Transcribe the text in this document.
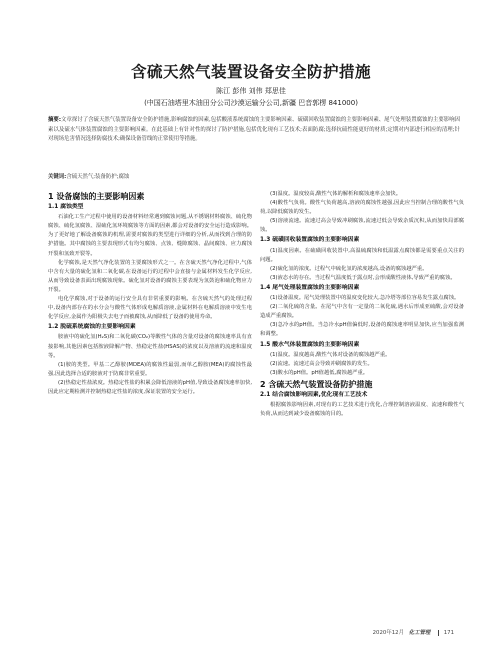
含硫天然气装置设备安全防护措施
陈江 彭伟 刘伟 郑思佳
(中国石油塔里木油田分公司沙漠运输分公司,新疆 巴音郭楞 841000)
摘要:文章探讨了含硫天然气装置设备安全防护措施,影响腐蚀的因素,包括酸液系统腐蚀的主要影响因素、硫磺回收装置腐蚀的主要影响因素、尾气处理装置腐蚀的主要影响因素以及硫水气体装置腐蚀的主要影响因素。在此基础上有针对性的探讨了防护措施,包括优化现有工艺技术;表面防腐;选择抗硫性能更好的材质;定期对内部进行相应的清理;针对现场危害情况选择防腐技术;确保设备管线的正常使用等措施。
关键词:含硫天然气;装备防护;腐蚀
1 设备腐蚀的主要影响因素
1.1 腐蚀类型

石油化工生产过程中使用的设备材料经常遇到腐蚀问题,从不锈钢材料腐蚀、硫化物腐蚀、硫化氢腐蚀、湿硫化氢环境腐蚀等方面的因素,都会对设备的安全运行造成影响。为了更好地了解设备腐蚀的机理,需要对腐蚀的类型进行详细的分析,从而找到合理的防护措施。其中腐蚀的主要表现形式有均匀腐蚀、点蚀、缝隙腐蚀、晶间腐蚀、应力腐蚀开裂和氢致开裂等。

化学腐蚀,是天然气净化装置的主要腐蚀形式之一。在含硫天然气净化过程中,气体中含有大量的硫化氢和二氧化碳,在设备运行的过程中会直接与金属材料发生化学反应,从而导致设备表面出现腐蚀现象。硫化氢对设备的腐蚀主要表现为氢鼓泡和硫化物应力开裂。

电化学腐蚀,对于设备的运行安全具有非常重要的影响。在含硫天然气的处理过程中,设备内部存在的水分会与酸性气体形成电解质溶液,金属材料在电解质溶液中发生电化学反应,金属作为阳极失去电子而被腐蚀,从而降低了设备的使用寿命。

1.2 脱硫系统腐蚀的主要影响因素

胺液中的硫化氢(H₂S)和二氧化碳(CO₂)等酸性气体的含量对设备的腐蚀速率具有直接影响,其他因素包括胺液降解产物、热稳定性盐(HSAS)的浓度以及溶液的流速和温度等。

(1)胺的类型。甲基二乙醇胺(MDEA)的腐蚀性最弱,而单乙醇胺(MEA)的腐蚀性最强,因此选择合适的胺液对于防腐非常重要。

(2)热稳定性盐浓度。热稳定性盐的积累会降低溶液的pH值,导致设备腐蚀速率加快,因此应定期检测并控制热稳定性盐的浓度,保证装置的安全运行。

(3)温度。温度较高,酸性气体的解析和腐蚀速率会加快。

(4)酸性气负荷。酸性气负荷越高,溶液的腐蚀性越强,因此应当控制合理的酸性气负荷,以降低腐蚀的发生。

(5)溶液流速。流速过高会导致冲刷腐蚀,流速过低会导致杂质沉积,从而加快局部腐蚀。

1.3 硫磺回收装置腐蚀的主要影响因素

(1)温度因素。在硫磺回收装置中,高温硫腐蚀和低温露点腐蚀都是需要重点关注的问题。

(2)硫化氢的浓度。过程气中硫化氢的浓度越高,设备的腐蚀越严重。

(3)液态水的存在。当过程气温度低于露点时,会形成酸性液体,导致严重的腐蚀。

1.4 尾气处理装置腐蚀的主要影响因素

(1)设备温度。尾气处理装置中的温度变化较大,急冷塔等部位容易发生露点腐蚀。

(2)二氧化硫的含量。在尾气中含有一定量的二氧化硫,遇水后形成亚硫酸,会对设备造成严重腐蚀。

(3)急冷水的pH值。当急冷水pH值偏低时,设备的腐蚀速率明显加快,应当加强监测和调整。

1.5 酸水气体装置腐蚀的主要影响因素

(1)温度。温度越高,酸性气体对设备的腐蚀越严重。

(2)流速。流速过高会导致冲刷腐蚀的发生。

(3)酸水的pH值。pH值越低,腐蚀越严重。

2 含硫天然气装置设备防护措施
2.1 结合腐蚀影响因素,优化现有工艺技术

根据腐蚀影响因素,对现有的工艺技术进行优化,合理控制溶液温度、流速和酸性气负荷,从而达到减少设备腐蚀的目的。

2020年12月 化工管理 171
